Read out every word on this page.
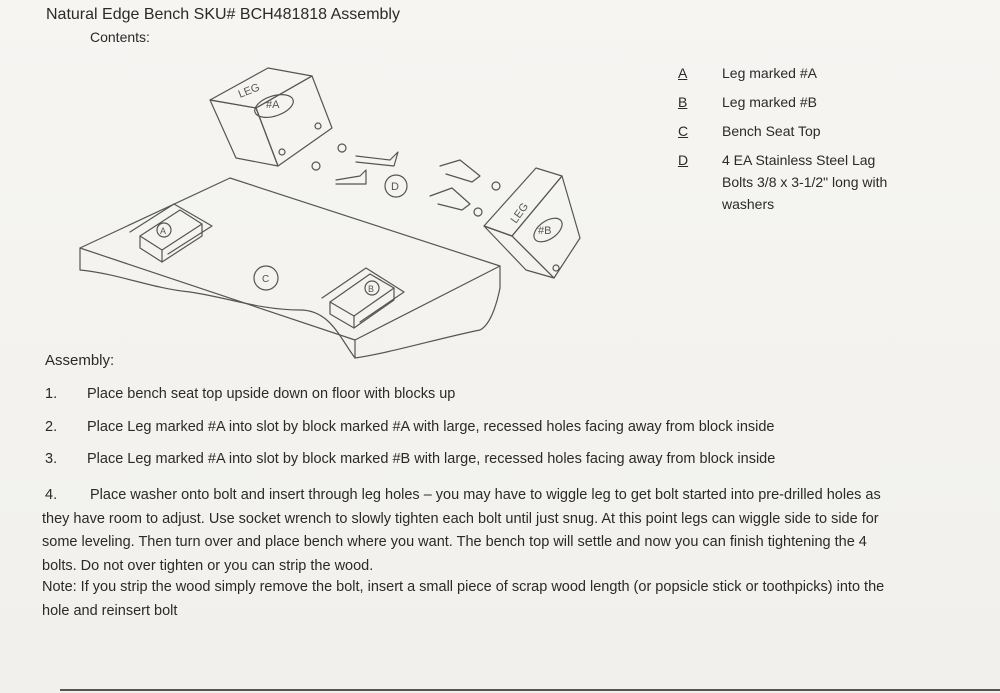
Natural Edge Bench SKU# BCH481818 Assembly
Contents:
LEG
#A
LEG
#B
A
B
C
D
A	Leg marked #A
B	Leg marked #B
C	Bench Seat Top
D	4 EA Stainless Steel Lag Bolts 3/8 x 3-1/2" long with washers
Assembly:
1. Place bench seat top upside down on floor with blocks up
2. Place Leg marked #A into slot by block marked #A with large, recessed holes facing away from block inside
3. Place Leg marked #A into slot by block marked #B with large, recessed holes facing away from block inside
4. Place washer onto bolt and insert through leg holes – you may have to wiggle leg to get bolt started into pre-drilled holes as they have room to adjust. Use socket wrench to slowly tighten each bolt until just snug. At this point legs can wiggle side to side for some leveling. Then turn over and place bench where you want. The bench top will settle and now you can finish tightening the 4 bolts. Do not over tighten or you can strip the wood.
Note: If you strip the wood simply remove the bolt, insert a small piece of scrap wood length (or popsicle stick or toothpicks) into the hole and reinsert bolt
